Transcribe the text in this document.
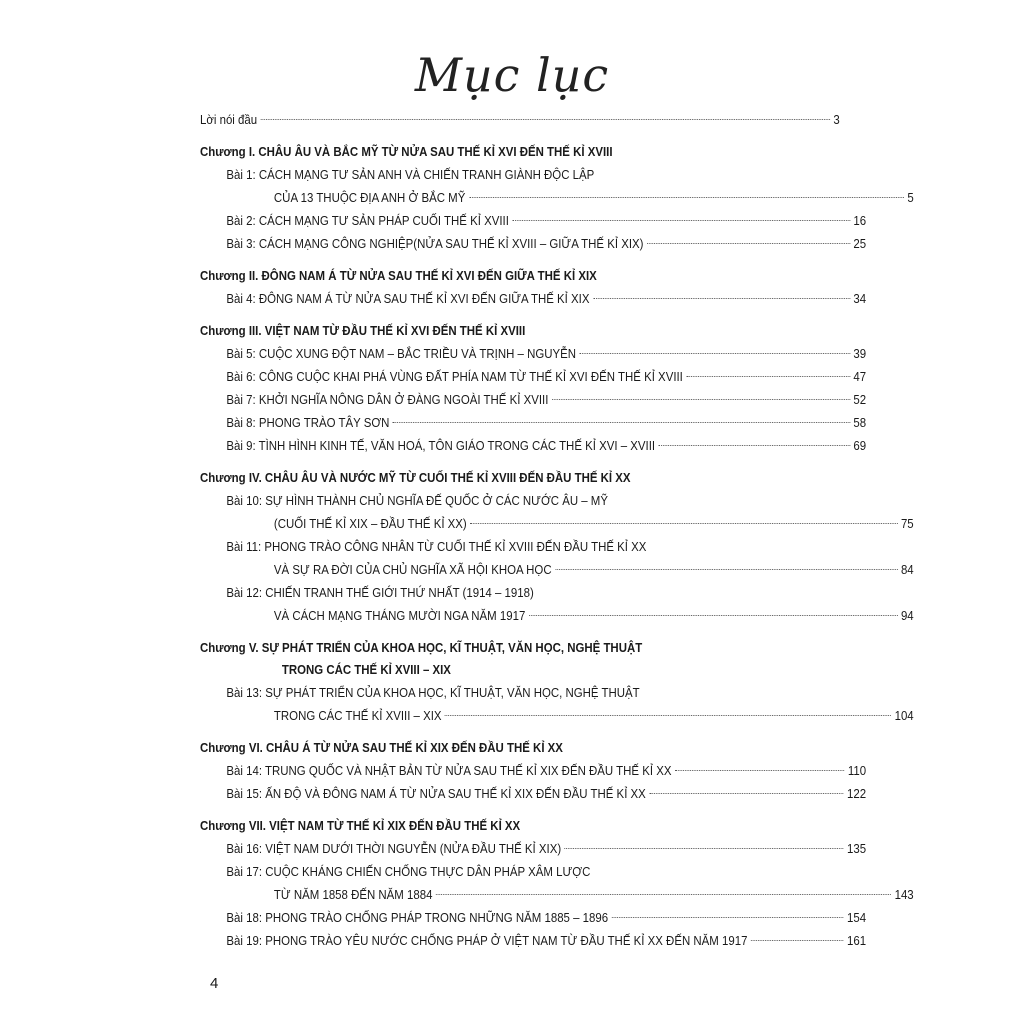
Mục lục
Lời nói đầu	3
Chương I. CHÂU ÂU VÀ BẮC MỸ TỪ NỬA SAU THẾ KỈ XVI ĐẾN THẾ KỈ XVIII
Bài 1: CÁCH MẠNG TƯ SẢN ANH VÀ CHIẾN TRANH GIÀNH ĐỘC LẬP
CỦA 13 THUỘC ĐỊA ANH Ở BẮC MỸ	5
Bài 2: CÁCH MẠNG TƯ SẢN PHÁP CUỐI THẾ KỈ XVIII	16
Bài 3: CÁCH MẠNG CÔNG NGHIỆP(NỬA SAU THẾ KỈ XVIII – GIỮA THẾ KỈ XIX)	25
Chương II. ĐÔNG NAM Á TỪ NỬA SAU THẾ KỈ XVI ĐẾN GIỮA THẾ KỈ XIX
Bài 4: ĐÔNG NAM Á TỪ NỬA SAU THẾ KỈ XVI ĐẾN GIỮA THẾ KỈ XIX	34
Chương III. VIỆT NAM TỪ ĐẦU THẾ KỈ XVI ĐẾN THẾ KỈ XVIII
Bài 5: CUỘC XUNG ĐỘT NAM – BẮC TRIỀU VÀ TRỊNH – NGUYỄN	39
Bài 6: CÔNG CUỘC KHAI PHÁ VÙNG ĐẤT PHÍA NAM TỪ THẾ KỈ XVI ĐẾN THẾ KỈ XVIII	47
Bài 7: KHỞI NGHĨA NÔNG DÂN Ở ĐÀNG NGOÀI THẾ KỈ XVIII	52
Bài 8: PHONG TRÀO TÂY SƠN	58
Bài 9: TÌNH HÌNH KINH TẾ, VĂN HOÁ, TÔN GIÁO TRONG CÁC THẾ KỈ XVI – XVIII	69
Chương IV. CHÂU ÂU VÀ NƯỚC MỸ TỪ CUỐI THẾ KỈ XVIII ĐẾN ĐẦU THẾ KỈ XX
Bài 10: SỰ HÌNH THÀNH CHỦ NGHĨA ĐẾ QUỐC Ở CÁC NƯỚC ÂU – MỸ
(CUỐI THẾ KỈ XIX – ĐẦU THẾ KỈ XX)	75
Bài 11: PHONG TRÀO CÔNG NHÂN TỪ CUỐI THẾ KỈ XVIII ĐẾN ĐẦU THẾ KỈ XX
VÀ SỰ RA ĐỜI CỦA CHỦ NGHĨA XÃ HỘI KHOA HỌC	84
Bài 12: CHIẾN TRANH THẾ GIỚI THỨ NHẤT (1914 – 1918)
VÀ CÁCH MẠNG THÁNG MƯỜI NGA NĂM 1917	94
Chương V. SỰ PHÁT TRIỂN CỦA KHOA HỌC, KĨ THUẬT, VĂN HỌC, NGHỆ THUẬT
TRONG CÁC THẾ KỈ XVIII – XIX
Bài 13: SỰ PHÁT TRIỂN CỦA KHOA HỌC, KĨ THUẬT, VĂN HỌC, NGHỆ THUẬT
TRONG CÁC THẾ KỈ XVIII – XIX	104
Chương VI. CHÂU Á TỪ NỬA SAU THẾ KỈ XIX ĐẾN ĐẦU THẾ KỈ XX
Bài 14: TRUNG QUỐC VÀ NHẬT BẢN TỪ NỬA SAU THẾ KỈ XIX ĐẾN ĐẦU THẾ KỈ XX	110
Bài 15: ẤN ĐỘ VÀ ĐÔNG NAM Á TỪ NỬA SAU THẾ KỈ XIX ĐẾN ĐẦU THẾ KỈ XX	122
Chương VII. VIỆT NAM TỪ THẾ KỈ XIX ĐẾN ĐẦU THẾ KỈ XX
Bài 16: VIỆT NAM DƯỚI THỜI NGUYỄN (NỬA ĐẦU THẾ KỈ XIX)	135
Bài 17: CUỘC KHÁNG CHIẾN CHỐNG THỰC DÂN PHÁP XÂM LƯỢC
TỪ NĂM 1858 ĐẾN NĂM 1884	143
Bài 18: PHONG TRÀO CHỐNG PHÁP TRONG NHỮNG NĂM 1885 – 1896	154
Bài 19: PHONG TRÀO YÊU NƯỚC CHỐNG PHÁP Ở VIỆT NAM TỪ ĐẦU THẾ KỈ XX ĐẾN NĂM 1917	161
4
